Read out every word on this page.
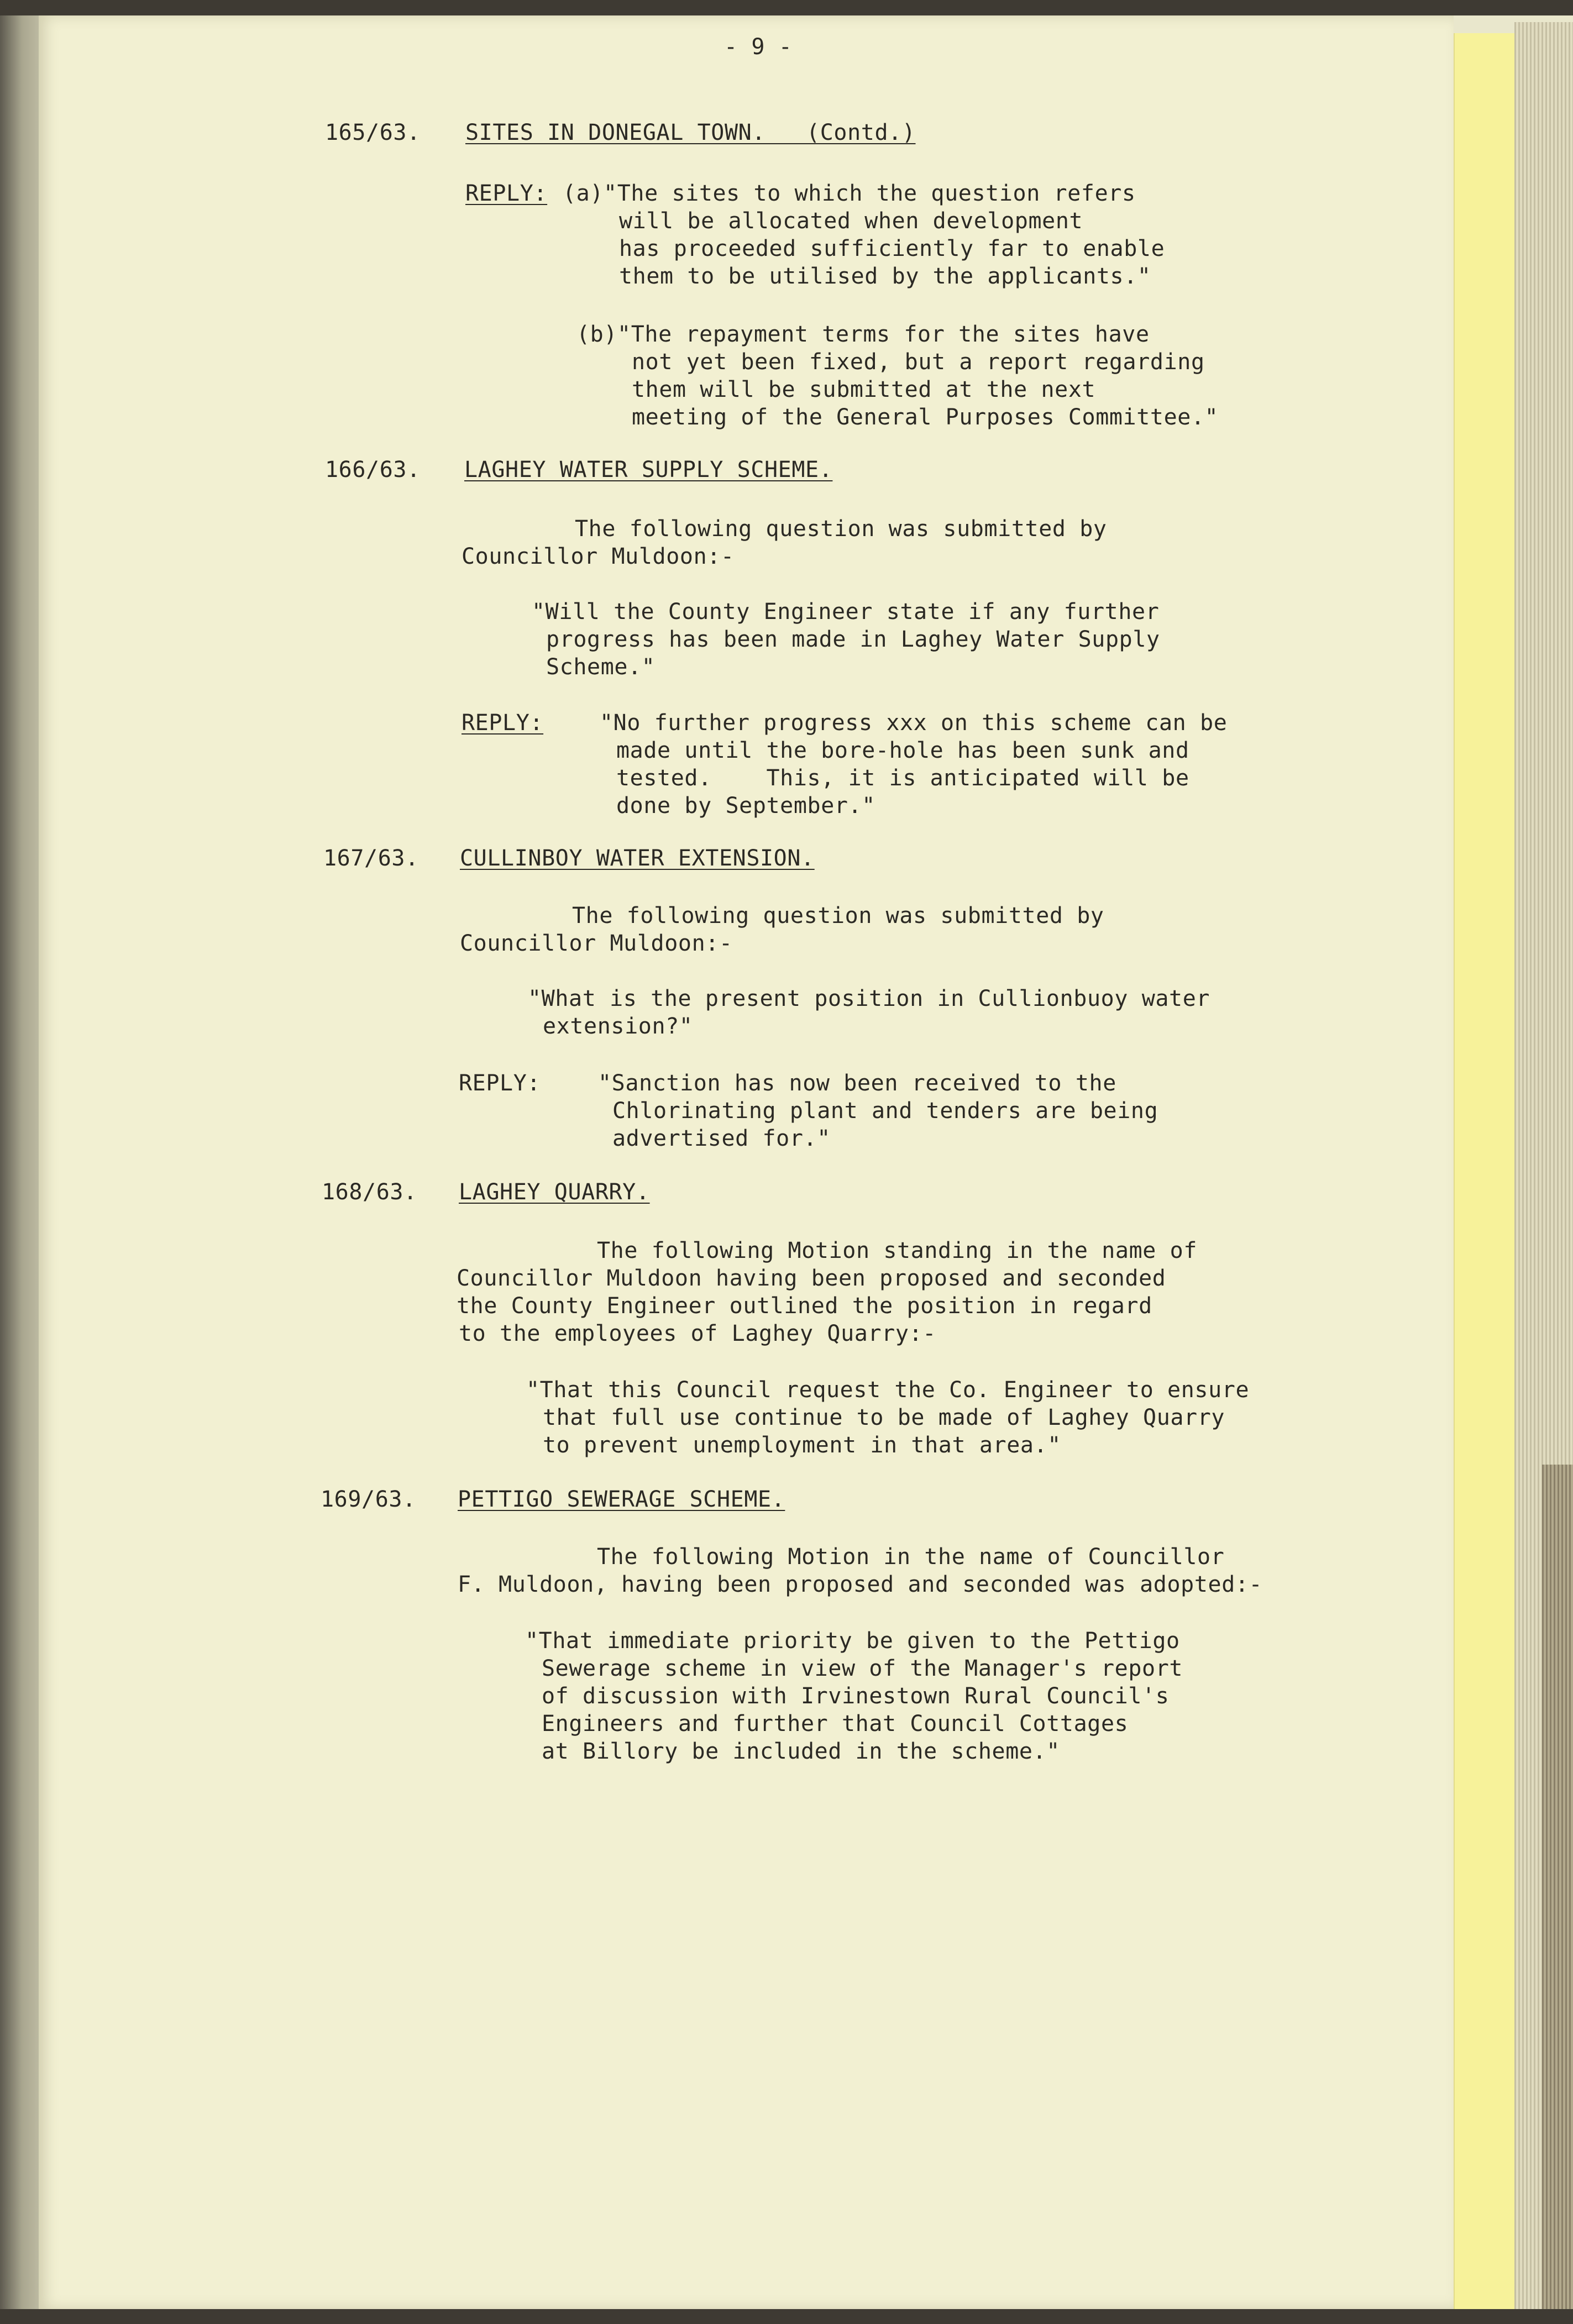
- 9 -
165/63. SITES IN DONEGAL TOWN.   (Contd.)
REPLY: (a)"The sites to which the question refers
will be allocated when development
has proceeded sufficiently far to enable
them to be utilised by the applicants."
(b)"The repayment terms for the sites have
not yet been fixed, but a report regarding
them will be submitted at the next
meeting of the General Purposes Committee."
166/63. LAGHEY WATER SUPPLY SCHEME.
The following question was submitted by
Councillor Muldoon:-
"Will the County Engineer state if any further
progress has been made in Laghey Water Supply
Scheme."
REPLY:	"No further progress xxx on this scheme can be
made until the bore-hole has been sunk and
tested.    This, it is anticipated will be
done by September."
167/63. CULLINBOY WATER EXTENSION.
The following question was submitted by
Councillor Muldoon:-
"What is the present position in Cullionbuoy water
extension?"
REPLY:	"Sanction has now been received to the
Chlorinating plant and tenders are being
advertised for."
168/63. LAGHEY QUARRY.
The following Motion standing in the name of
Councillor Muldoon having been proposed and seconded
the County Engineer outlined the position in regard
to the employees of Laghey Quarry:-
"That this Council request the Co. Engineer to ensure
that full use continue to be made of Laghey Quarry
to prevent unemployment in that area."
169/63. PETTIGO SEWERAGE SCHEME.
The following Motion in the name of Councillor
F. Muldoon, having been proposed and seconded was adopted:-
"That immediate priority be given to the Pettigo
Sewerage scheme in view of the Manager's report
of discussion with Irvinestown Rural Council's
Engineers and further that Council Cottages
at Billory be included in the scheme."
